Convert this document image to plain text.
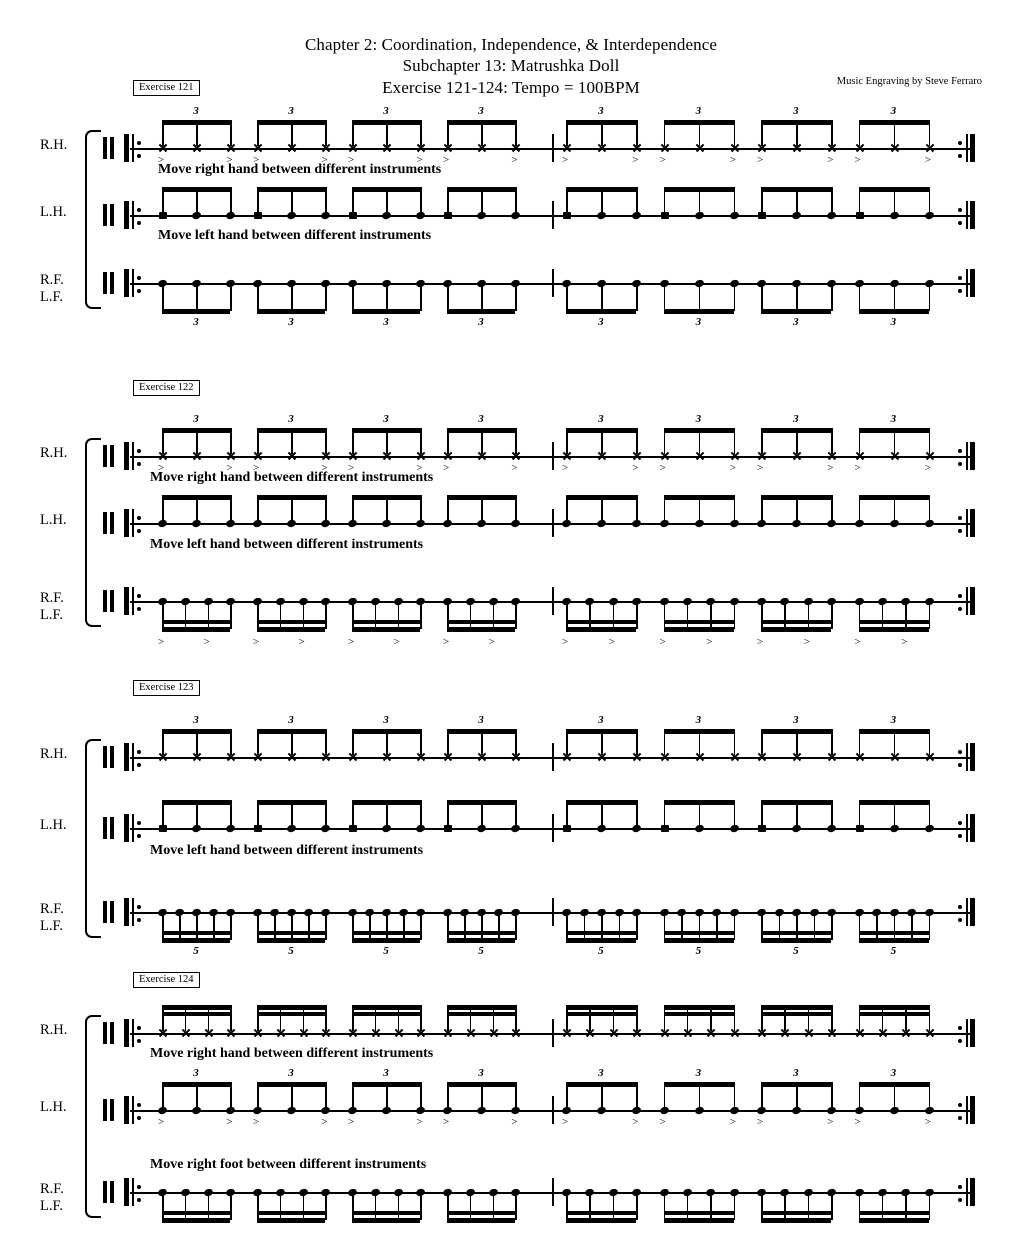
Chapter 2: Coordination, Independence, & Interdependence
Subchapter 13: Matrushka Doll
Exercise 121-124: Tempo = 100BPM	Music Engraving by Steve Ferraro
Exercise 121
R.H.
3
>
>	3
>
>	3
>
>	3
>
>	3
>
>	3
>
>	3
>
>	3
>
>
L.H.
R.F.
L.F.
3	3	3	3	3	3	3	3
Move right hand between different instruments
Move left hand between different instruments
Exercise 122
R.H.
3
>
>	3
>
>	3
>
>	3
>
>	3
>
>	3
>
>	3
>
>	3
>
>
L.H.
R.F.
L.F.
>
>
>
>
>
>
>
>
>
>
>
>
>
>
>
>
Move right hand between different instruments
Move left hand between different instruments
Exercise 123
R.H.
3	3	3	3	3	3	3	3
L.H.
R.F.
L.F.
5	5	5	5	5	5	5	5
Move left hand between different instruments
Exercise 124
R.H.
L.H.
3
>
>	3
>
>	3
>
>	3
>
>	3
>
>	3
>
>	3
>
>	3
>
>
R.F.
L.F.
Move right hand between different instruments
Move right foot between different instruments
